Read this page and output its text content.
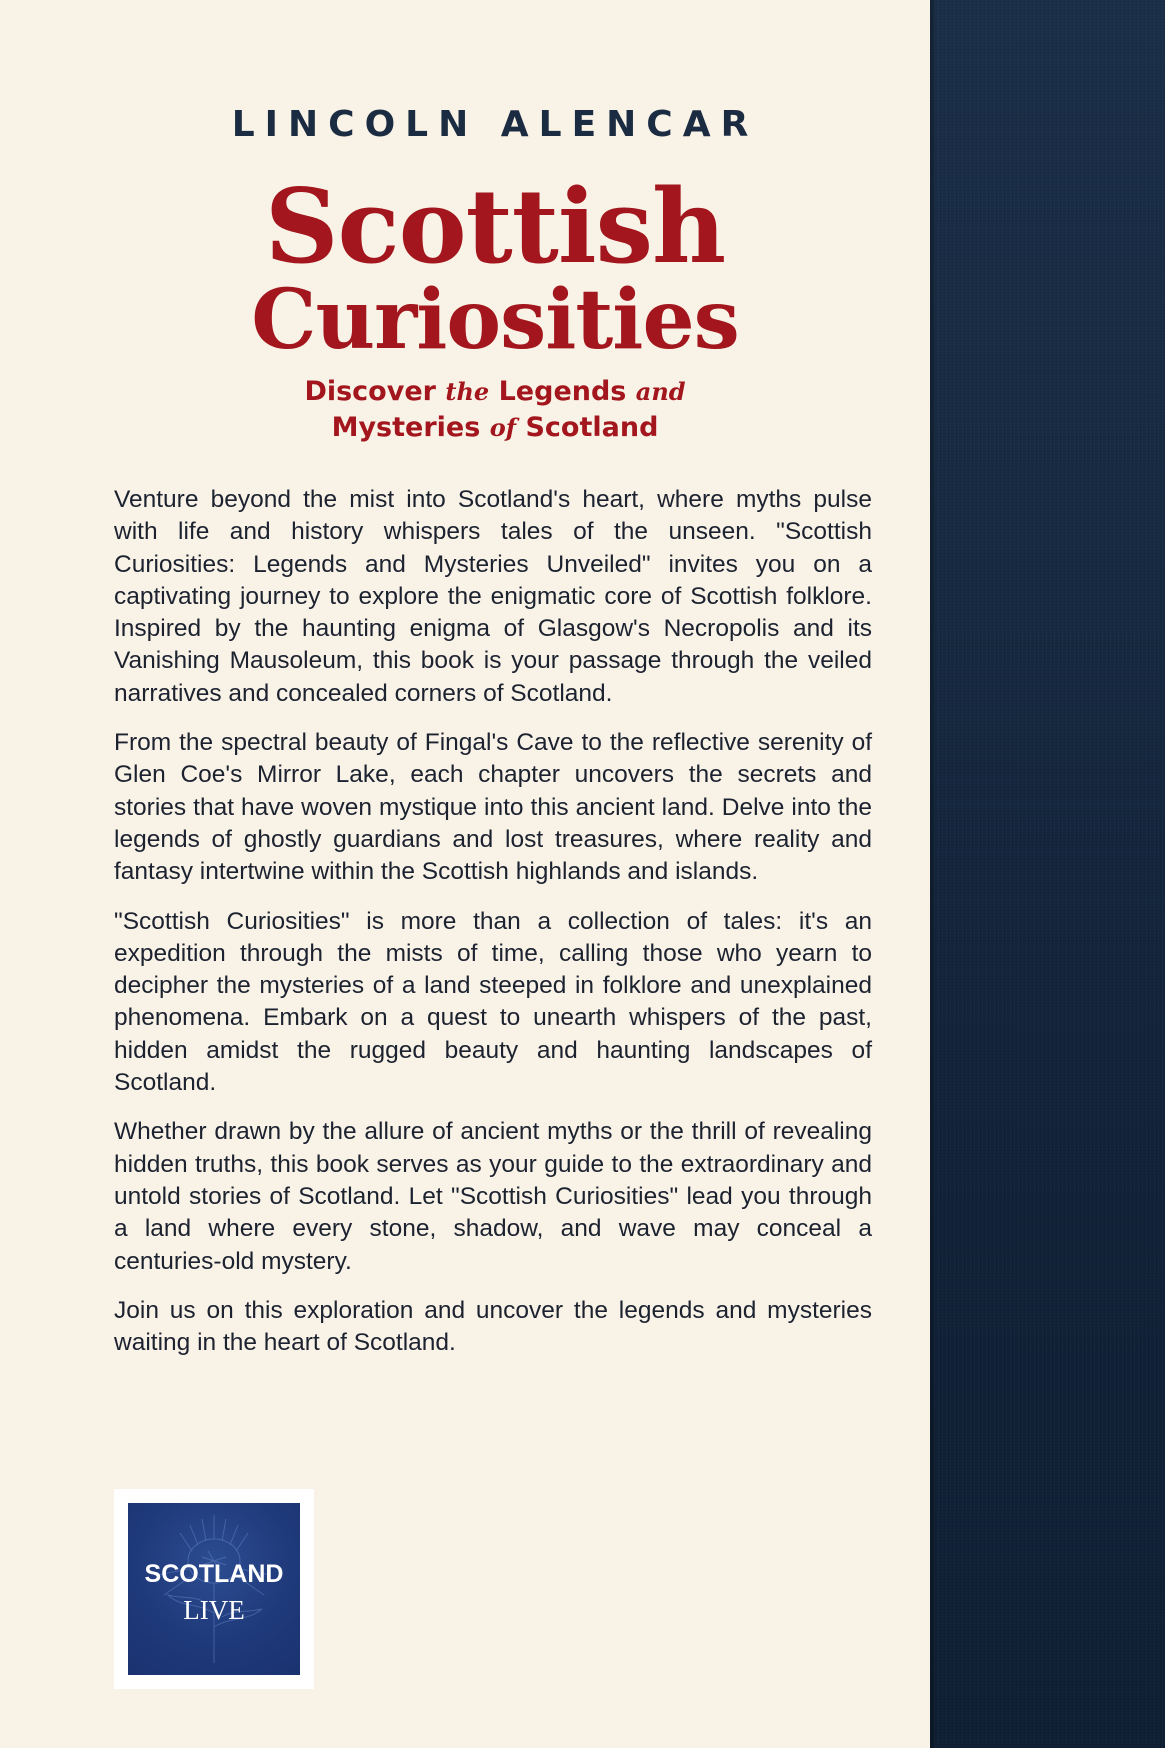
LINCOLN ALENCAR
Scottish
Curiosities
Discover the Legends and
Mysteries of Scotland

Venture beyond the mist into Scotland's heart, where myths pulse with life and history whispers tales of the unseen. "Scottish Curiosities: Legends and Mysteries Unveiled" invites you on a captivating journey to explore the enigmatic core of Scottish folklore. Inspired by the haunting enigma of Glasgow's Necropolis and its Vanishing Mausoleum, this book is your passage through the veiled narratives and concealed corners of Scotland.

From the spectral beauty of Fingal's Cave to the reflective serenity of Glen Coe's Mirror Lake, each chapter uncovers the secrets and stories that have woven mystique into this ancient land. Delve into the legends of ghostly guardians and lost treasures, where reality and fantasy intertwine within the Scottish highlands and islands.

"Scottish Curiosities" is more than a collection of tales: it's an expedition through the mists of time, calling those who yearn to decipher the mysteries of a land steeped in folklore and unexplained phenomena. Embark on a quest to unearth whispers of the past, hidden amidst the rugged beauty and haunting landscapes of Scotland.

Whether drawn by the allure of ancient myths or the thrill of revealing hidden truths, this book serves as your guide to the extraordinary and untold stories of Scotland. Let "Scottish Curiosities" lead you through a land where every stone, shadow, and wave may conceal a centuries-old mystery.

Join us on this exploration and uncover the legends and mysteries waiting in the heart of Scotland.

SCOTLAND
LIVE
